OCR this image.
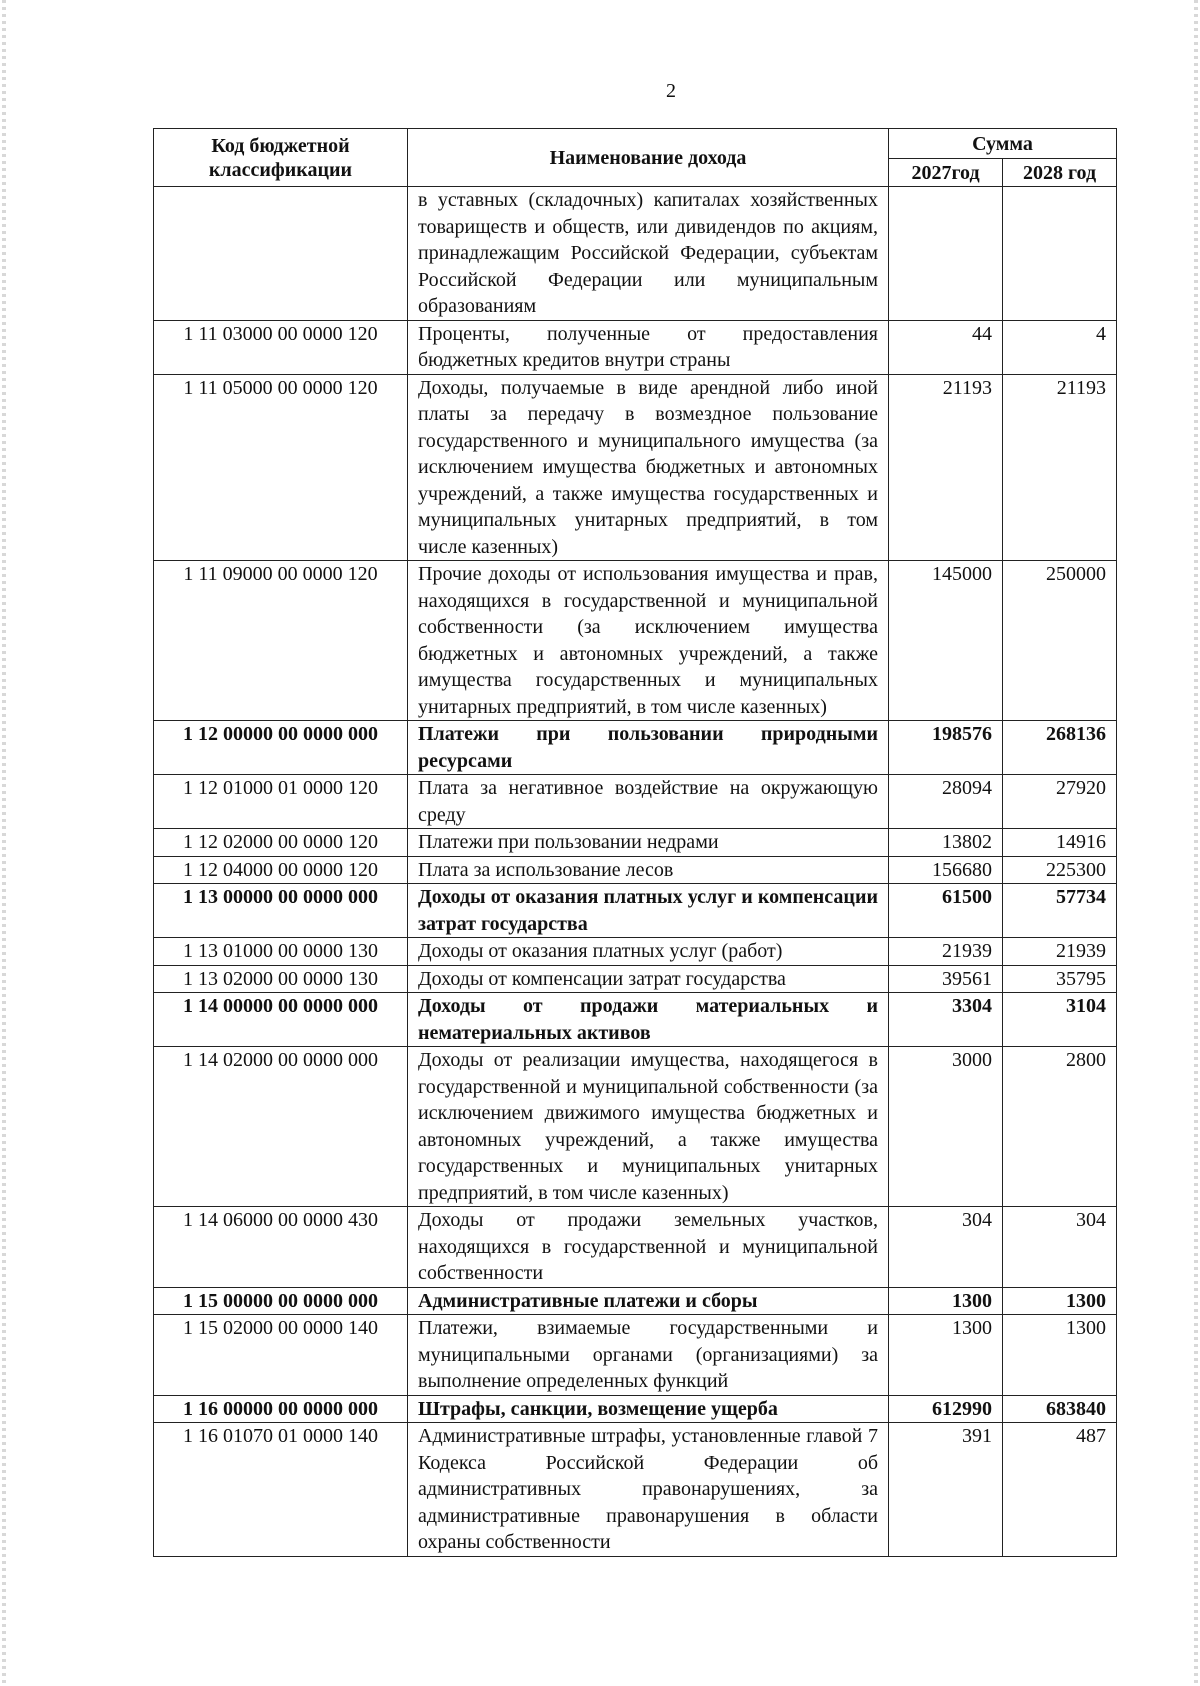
2
Код бюджетной классификации	Наименование дохода	Сумма	
		2027год	2028 год
	в уставных (складочных) капиталах хозяйственных товариществ и обществ, или дивидендов по акциям, принадлежащим Российской Федерации, субъектам Российской Федерации или муниципальным образованиям		
1 11 03000 00 0000 120	Проценты, полученные от предоставления бюджетных кредитов внутри страны	44	4
1 11 05000 00 0000 120	Доходы, получаемые в виде арендной либо иной платы за передачу в возмездное пользование государственного и муниципального имущества (за исключением имущества бюджетных и автономных учреждений, а также имущества государственных и муниципальных унитарных предприятий, в том числе казенных)	21193	21193
1 11 09000 00 0000 120	Прочие доходы от использования имущества и прав, находящихся в государственной и муниципальной собственности (за исключением имущества бюджетных и автономных учреждений, а также имущества государственных и муниципальных унитарных предприятий, в том числе казенных)	145000	250000
1 12 00000 00 0000 000	Платежи при пользовании природными ресурсами	198576	268136
1 12 01000 01 0000 120	Плата за негативное воздействие на окружающую среду	28094	27920
1 12 02000 00 0000 120	Платежи при пользовании недрами	13802	14916
1 12 04000 00 0000 120	Плата за использование лесов	156680	225300
1 13 00000 00 0000 000	Доходы от оказания платных услуг и компенсации затрат государства	61500	57734
1 13 01000 00 0000 130	Доходы от оказания платных услуг (работ)	21939	21939
1 13 02000 00 0000 130	Доходы от компенсации затрат государства	39561	35795
1 14 00000 00 0000 000	Доходы от продажи материальных и нематериальных активов	3304	3104
1 14 02000 00 0000 000	Доходы от реализации имущества, находящегося в государственной и муниципальной собственности (за исключением движимого имущества бюджетных и автономных учреждений, а также имущества государственных и муниципальных унитарных предприятий, в том числе казенных)	3000	2800
1 14 06000 00 0000 430	Доходы от продажи земельных участков, находящихся в государственной и муниципальной собственности	304	304
1 15 00000 00 0000 000	Административные платежи и сборы	1300	1300
1 15 02000 00 0000 140	Платежи, взимаемые государственными и муниципальными органами (организациями) за выполнение определенных функций	1300	1300
1 16 00000 00 0000 000	Штрафы, санкции, возмещение ущерба	612990	683840
1 16 01070 01 0000 140	Административные штрафы, установленные главой 7 Кодекса Российской Федерации об административных правонарушениях, за административные правонарушения в области охраны собственности	391	487
